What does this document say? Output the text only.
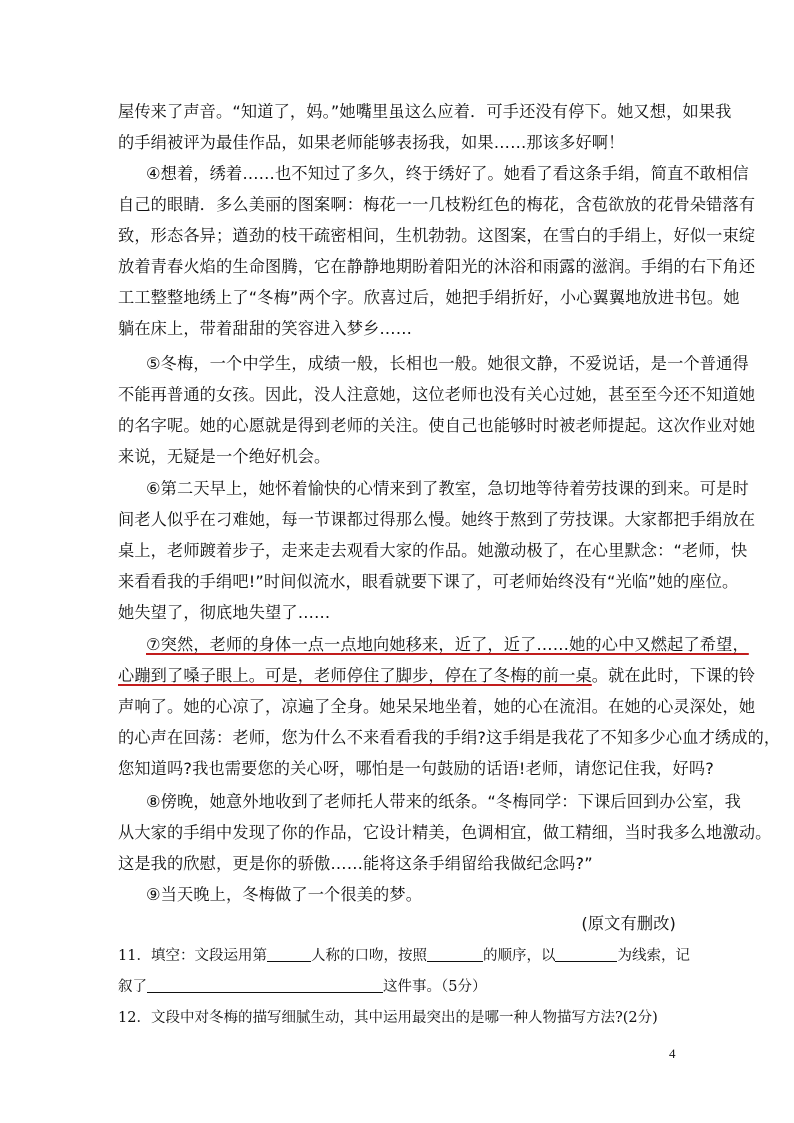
屋传来了声音。“知道了，妈。”她嘴里虽这么应着．可手还没有停下。她又想，如果我
的手绢被评为最佳作品，如果老师能够表扬我，如果……那该多好啊！
④想着，绣着……也不知过了多久，终于绣好了。她看了看这条手绢，简直不敢相信
自己的眼睛．多么美丽的图案啊：梅花一一几枝粉红色的梅花，含苞欲放的花骨朵错落有
致，形态各异；遒劲的枝干疏密相间，生机勃勃。这图案，在雪白的手绢上，好似一束绽
放着青春火焰的生命图腾，它在静静地期盼着阳光的沐浴和雨露的滋润。手绢的右下角还
工工整整地绣上了“冬梅”两个字。欣喜过后，她把手绢折好，小心翼翼地放进书包。她
躺在床上，带着甜甜的笑容进入梦乡……
⑤冬梅，一个中学生，成绩一般，长相也一般。她很文静，不爱说话，是一个普通得
不能再普通的女孩。因此，没人注意她，这位老师也没有关心过她，甚至至今还不知道她
的名字呢。她的心愿就是得到老师的关注。使自己也能够时时被老师提起。这次作业对她
来说，无疑是一个绝好机会。
⑥第二天早上，她怀着愉快的心情来到了教室，急切地等待着劳技课的到来。可是时
间老人似乎在刁难她，每一节课都过得那么慢。她终于熬到了劳技课。大家都把手绢放在
桌上，老师踱着步子，走来走去观看大家的作品。她激动极了，在心里默念：“老师，快
来看看我的手绢吧!”时间似流水，眼看就要下课了，可老师始终没有“光临”她的座位。
她失望了，彻底地失望了……
⑦突然，老师的身体一点一点地向她移来，近了，近了……她的心中又燃起了希望，
心蹦到了嗓子眼上。可是，老师停住了脚步，停在了冬梅的前一桌。就在此时，下课的铃
声响了。她的心凉了，凉遍了全身。她呆呆地坐着，她的心在流泪。在她的心灵深处，她
的心声在回荡：老师，您为什么不来看看我的手绢?这手绢是我花了不知多少心血才绣成的，
您知道吗?我也需要您的关心呀，哪怕是一句鼓励的话语!老师，请您记住我，好吗?
⑧傍晚，她意外地收到了老师托人带来的纸条。“冬梅同学：下课后回到办公室，我
从大家的手绢中发现了你的作品，它设计精美，色调相宜，做工精细，当时我多么地激动。
这是我的欣慰，更是你的骄傲……能将这条手绢留给我做纪念吗?”
⑨当天晚上，冬梅做了一个很美的梦。
(原文有删改)
11．填空：文段运用第	人称的口吻，按照	的顺序，以	为线索，记
叙了	这件事。（5分）
12．文段中对冬梅的描写细腻生动，其中运用最突出的是哪一种人物描写方法?(2分)
4
